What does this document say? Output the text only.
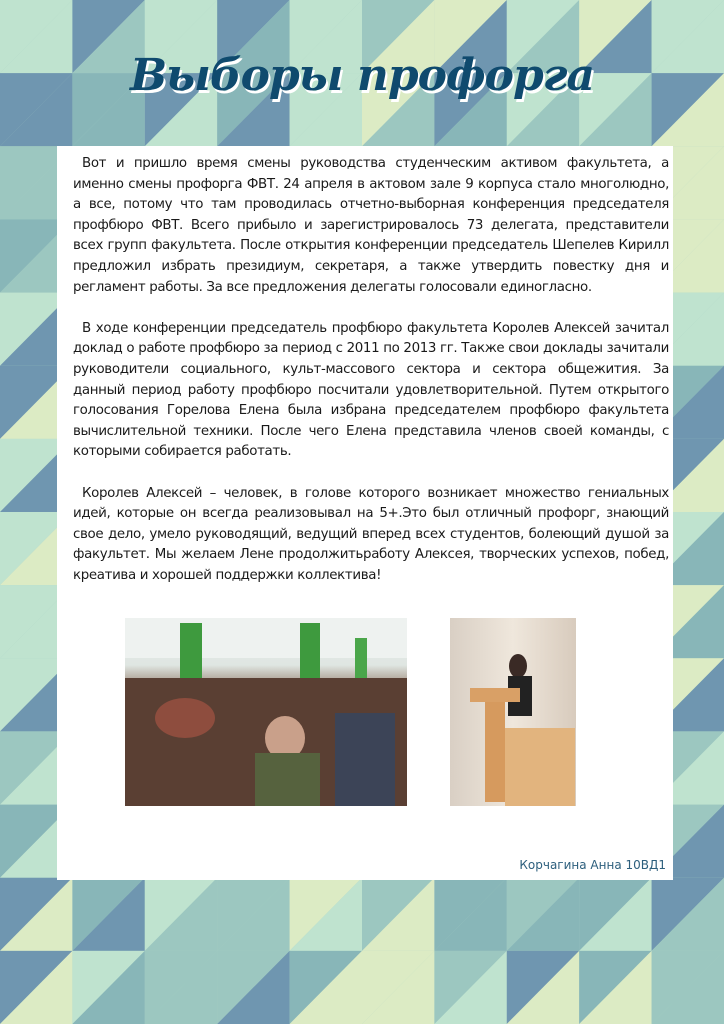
Выборы профорга

Вот и пришло время смены руководства студенческим активом факультета, а именно смены профорга ФВТ. 24 апреля в актовом зале 9 корпуса стало многолюдно, а все, потому что там проводилась отчетно-выборная конференция председателя профбюро ФВТ. Всего прибыло и зарегистрировалось 73 делегата, представители всех групп факультета. После открытия конференции председатель Шепелев Кирилл предложил избрать президиум, секретаря, а также утвердить повестку дня и регламент работы. За все предложения делегаты голосовали единогласно.

В ходе конференции председатель профбюро факультета Королев Алексей зачитал доклад о работе профбюро за период с 2011 по 2013 гг. Также свои доклады зачитали руководители социального, культ-массового сектора и сектора общежития. За данный период работу профбюро посчитали удовлетворительной. Путем открытого голосования Горелова Елена была избрана председателем профбюро факультета вычислительной техники. После чего Елена представила членов своей команды, с которыми собирается работать.

Королев Алексей – человек, в голове которого возникает множество гениальных идей, которые он всегда реализовывал на 5+.Это был отличный профорг, знающий свое дело, умело руководящий, ведущий вперед всех студентов, болеющий душой за факультет. Мы желаем Лене продолжитьработу Алексея, творческих успехов, побед, креатива и хорошей поддержки коллектива!

Корчагина Анна 10ВД1
